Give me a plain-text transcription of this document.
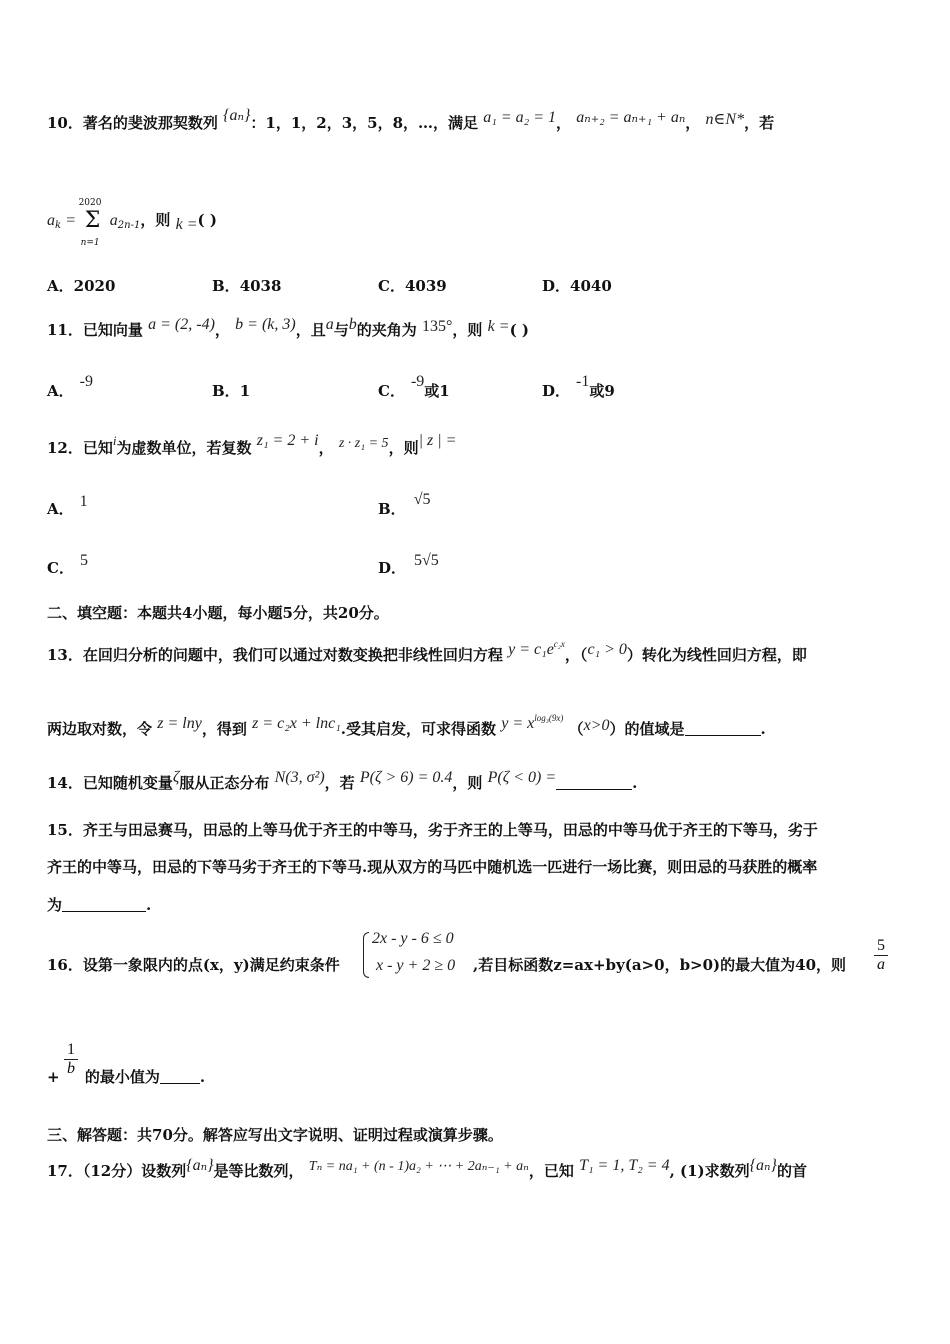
10．著名的斐波那契数列 {aₙ}：1，1，2，3，5，8，…，满足 a₁ = a₂ = 1， aₙ₊₂ = aₙ₊₁ + aₙ， n∈N*，若
$a_k$ =
2020
Σ
n=1
$a_{2n-1}$，则 k =( )
A．2020	B．4038	C．4039	D．4040
11．已知向量 a = (2, -4)， b = (k, 3)，且a与b的夹角为 135°，则 k =( )
A．-9
B．1	C．-9或1	D．-1或9
12．已知i为虚数单位，若复数 z₁ = 2 + i， z · z₁ = 5，则| z | =
A． 1	B．√5
C． 5	D． 5√5
二、填空题：本题共4小题，每小题5分，共20分。
13．在回归分析的问题中，我们可以通过对数变换把非线性回归方程 $y = c_1e^{c_2x}$，（c₁ > 0）转化为线性回归方程，即
两边取对数，令 z = lny，得到 z = c₂x + lnc₁.受其启发，可求得函数 $y = x^{log_3(9x)}$ （x>0）的值域是	.
14．已知随机变量ζ服从正态分布 N(3, σ²)，若 P(ζ > 6) = 0.4，则 P(ζ < 0) =	.
15．齐王与田忌赛马，田忌的上等马优于齐王的中等马，劣于齐王的上等马，田忌的中等马优于齐王的下等马，劣于
齐王的中等马，田忌的下等马劣于齐王的下等马.现从双方的马匹中随机选一匹进行一场比赛，则田忌的马获胜的概率
为	.
16．设第一象限内的点(x，y)满足约束条件
2x - y - 6 ≤ 0
x - y + 2 ≥ 0 ,若目标函数z=ax+by(a>0，b>0)的最大值为40，则
5
a
+ 的最小值为	.
1
b
三、解答题：共70分。解答应写出文字说明、证明过程或演算步骤。
17．（12分）设数列{aₙ}是等比数列， Tₙ = na₁ + (n - 1)a₂ + ⋯ + 2aₙ₋₁ + aₙ，已知 T₁ = 1, T₂ = 4, (1)求数列{aₙ}的首
